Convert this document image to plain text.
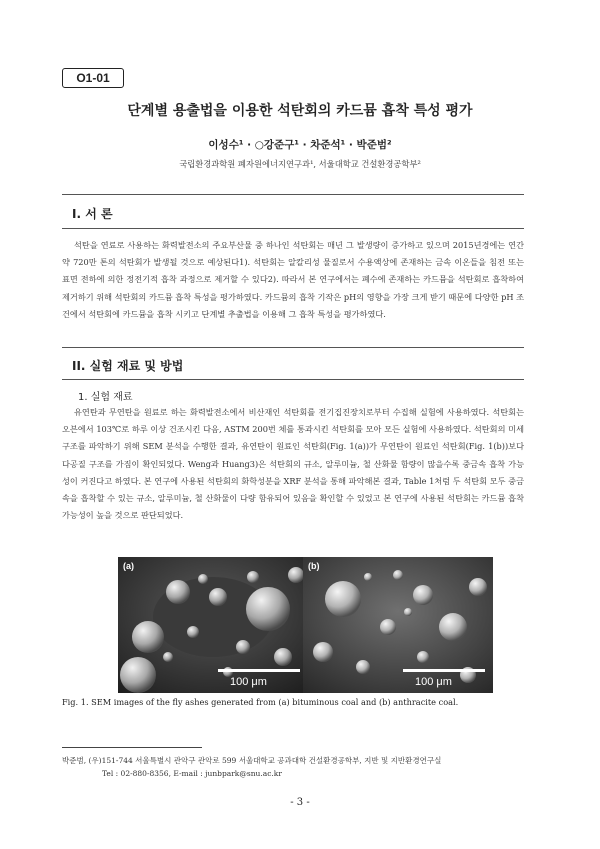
O1-01
단계별 용출법을 이용한 석탄회의 카드뮴 흡착 특성 평가
이성수¹ · ○강준구¹ · 차준석¹ · 박준범²
국립환경과학원 폐자원에너지연구과¹, 서울대학교 건설환경공학부²
I. 서 론

석탄을 연료로 사용하는 화력발전소의 주요부산물 중 하나인 석탄회는 매년 그 발생량이 증가하고 있으며 2015년경에는 연간 약 720만 톤의 석탄회가 발생될 것으로 예상된다1). 석탄회는 알칼리성 물질로서 수용액상에 존재하는 금속 이온들을 침전 또는 표면 전하에 의한 정전기적 흡착 과정으로 제거할 수 있다2). 따라서 본 연구에서는 폐수에 존재하는 카드뮴을 석탄회로 흡착하여 제거하기 위해 석탄회의 카드뮴 흡착 특성을 평가하였다. 카드뮴의 흡착 기작은 pH의 영향을 가장 크게 받기 때문에 다양한 pH 조건에서 석탄회에 카드뮴을 흡착 시키고 단계별 추출법을 이용해 그 흡착 특성을 평가하였다.

II. 실험 재료 및 방법
1. 실험 재료

유연탄과 무연탄을 원료로 하는 화력발전소에서 비산재인 석탄회를 전기집진장치로부터 수집해 실험에 사용하였다. 석탄회는 오븐에서 103℃로 하루 이상 건조시킨 다음, ASTM 200번 체를 통과시킨 석탄회를 모아 모든 실험에 사용하였다. 석탄회의 미세구조를 파악하기 위해 SEM 분석을 수행한 결과, 유연탄이 원료인 석탄회(Fig. 1(a))가 무연탄이 원료인 석탄회(Fig. 1(b))보다 다공질 구조를 가짐이 확인되었다. Weng과 Huang3)은 석탄회의 규소, 알루미늄, 철 산화물 함량이 많을수록 중금속 흡착 가능성이 커진다고 하였다. 본 연구에 사용된 석탄회의 화학성분을 XRF 분석을 통해 파악해본 결과, Table 1처럼 두 석탄회 모두 중금속을 흡착할 수 있는 규소, 알루미늄, 철 산화물이 다량 함유되어 있음을 확인할 수 있었고 본 연구에 사용된 석탄회는 카드뮴 흡착 가능성이 높을 것으로 판단되었다.

(a)
100 μm
(b)
100 μm
Fig. 1. SEM images of the fly ashes generated from (a) bituminous coal and (b) anthracite coal.
박준범, (우)151-744 서울특별시 관악구 관악로 599 서울대학교 공과대학 건설환경공학부, 지반 및 지반환경연구실
Tel : 02-880-8356, E-mail : junbpark@snu.ac.kr
- 3 -
